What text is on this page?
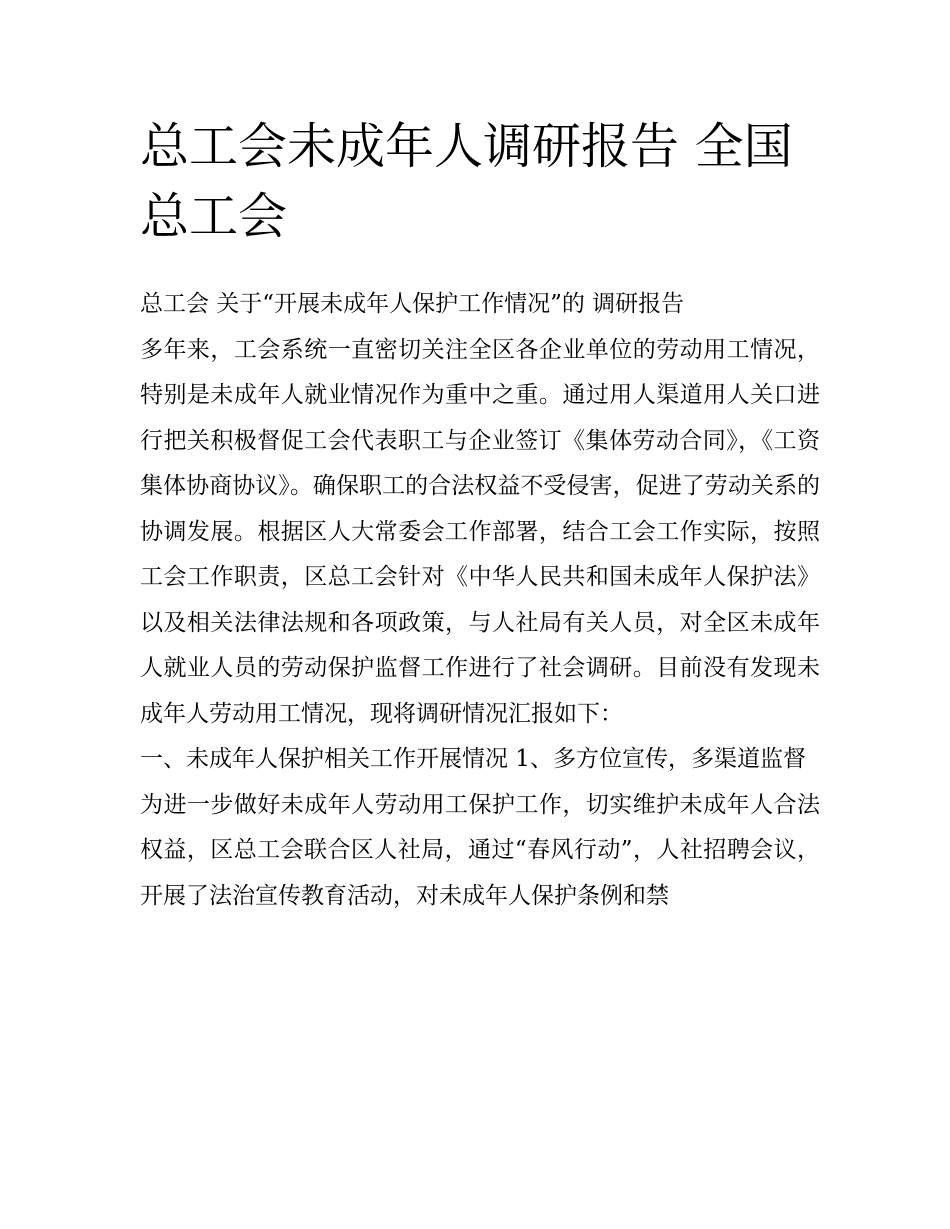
总工会未成年人调研报告 全国总工会

总工会 关于“开展未成年人保护工作情况”的 调研报告

多年来，工会系统一直密切关注全区各企业单位的劳动用工情况，特别是未成年人就业情况作为重中之重。通过用人渠道用人关口进行把关积极督促工会代表职工与企业签订《集体劳动合同》，《工资集体协商协议》。确保职工的合法权益不受侵害，促进了劳动关系的协调发展。根据区人大常委会工作部署，结合工会工作实际，按照工会工作职责，区总工会针对《中华人民共和国未成年人保护法》以及相关法律法规和各项政策，与人社局有关人员，对全区未成年人就业人员的劳动保护监督工作进行了社会调研。目前没有发现未成年人劳动用工情况，现将调研情况汇报如下：

一、未成年人保护相关工作开展情况 1、多方位宣传，多渠道监督

为进一步做好未成年人劳动用工保护工作，切实维护未成年人合法权益，区总工会联合区人社局，通过“春风行动”，人社招聘会议，开展了法治宣传教育活动，对未成年人保护条例和禁
